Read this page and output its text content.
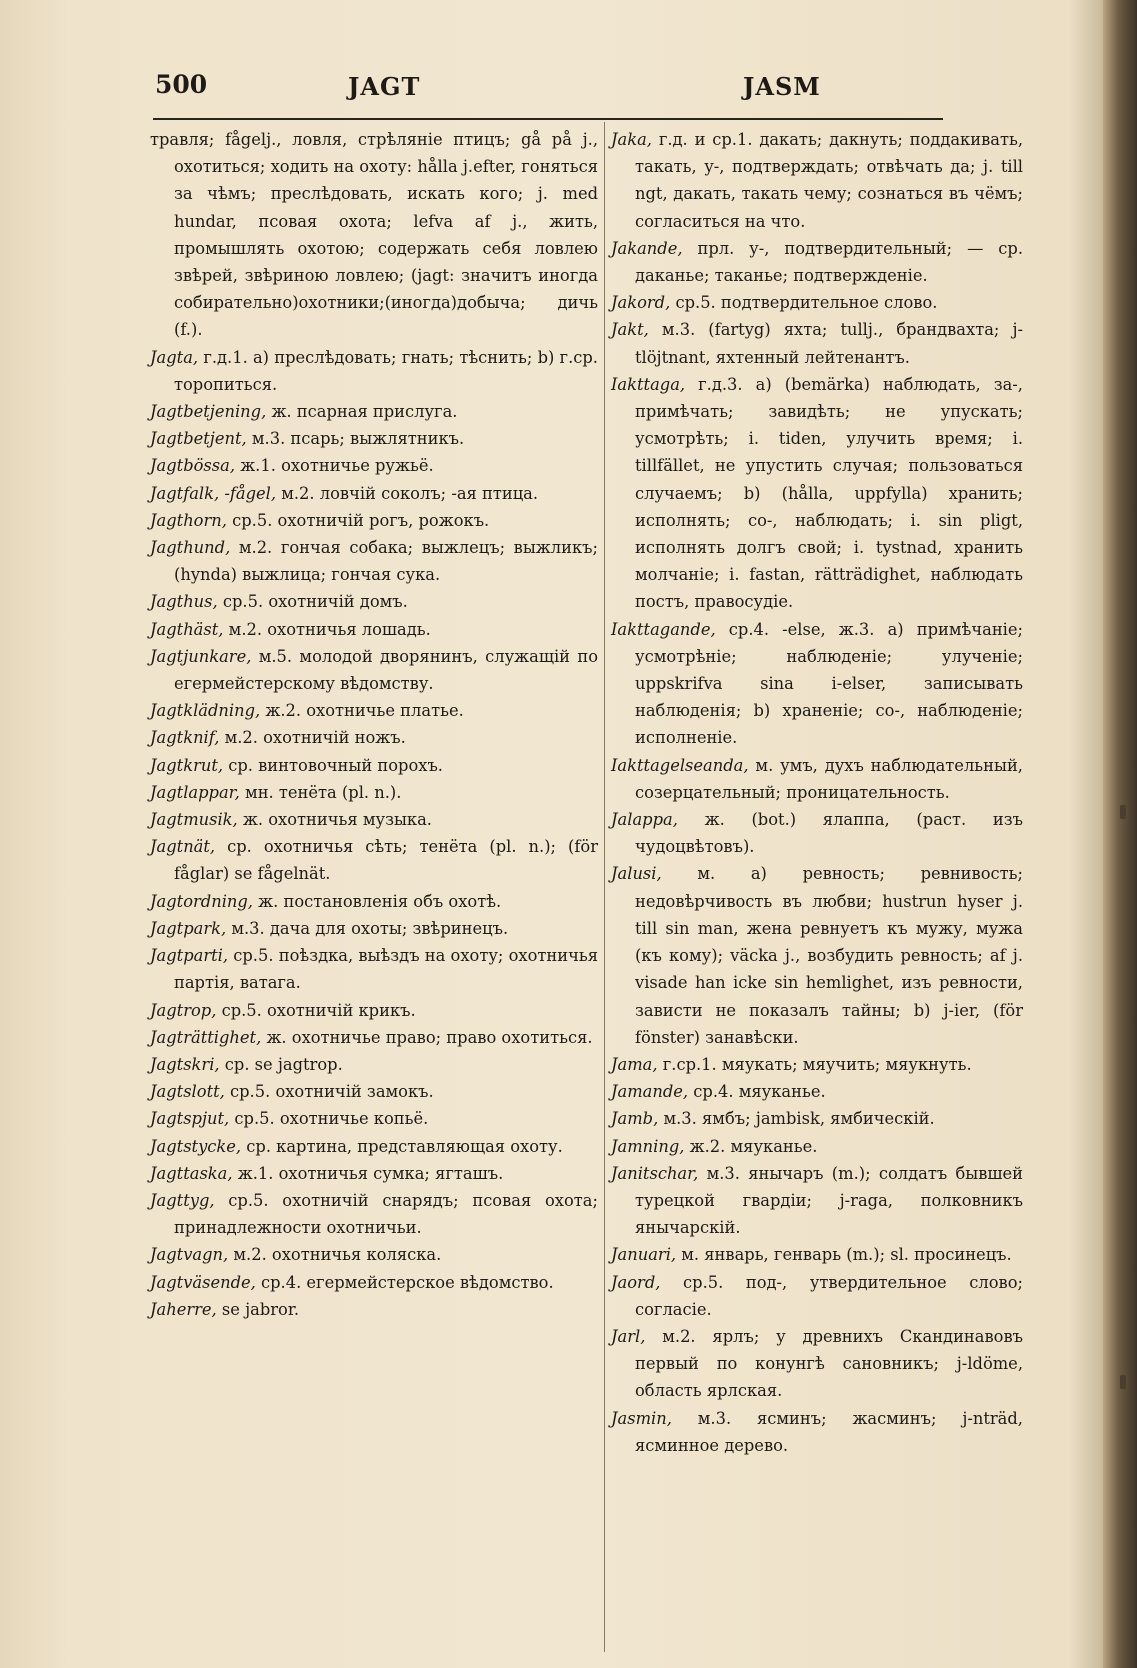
500	JAGT	JASM

травля; fågelj., ловля, стрѣляніе птицъ; gå på j., охотиться; ходить на охоту: hålla j.efter, гоняться за чѣмъ; преслѣдовать, искать кого; j. med hundar, псовая охота; lefva af j., жить, промышлять охотою; содержать себя ловлею звѣрей, звѣриною ловлею; (jagt: значитъ иногда собирательно)охотники;(иногда)добыча; дичь (f.).

Jagta, г.д.1. a) преслѣдовать; гнать; тѣснить; b) г.ср. торопиться.

Jagtbetjening, ж. псарная прислуга.

Jagtbetjent, м.3. псарь; выжлятникъ.

Jagtbössa, ж.1. охотничье ружьё.

Jagtfalk, -fågel, м.2. ловчій соколъ; -ая птица.

Jagthorn, ср.5. охотничій рогъ, рожокъ.

Jagthund, м.2. гончая собака; выжлецъ; выжликъ; (hynda) выжлица; гончая сука.

Jagthus, ср.5. охотничій домъ.

Jagthäst, м.2. охотничья лошадь.

Jagtjunkare, м.5. молодой дворянинъ, служащій по егермейстерскому вѣдомству.

Jagtklädning, ж.2. охотничье платье.

Jagtknif, м.2. охотничій ножъ.

Jagtkrut, ср. винтовочный порохъ.

Jagtlappar, мн. тенёта (pl. n.).

Jagtmusik, ж. охотничья музыка.

Jagtnät, ср. охотничья сѣть; тенёта (pl. n.); (för fåglar) se fågelnät.

Jagtordning, ж. постановленія объ охотѣ.

Jagtpark, м.3. дача для охоты; звѣринецъ.

Jagtparti, ср.5. поѣздка, выѣздъ на охоту; охотничья партія, ватага.

Jagtrop, ср.5. охотничій крикъ.

Jagträttighet, ж. охотничье право; право охотиться.

Jagtskri, ср. se jagtrop.

Jagtslott, ср.5. охотничій замокъ.

Jagtspjut, ср.5. охотничье копьё.

Jagtstycke, ср. картина, представляющая охоту.

Jagttaska, ж.1. охотничья сумка; ягташъ.

Jagttyg, ср.5. охотничій снарядъ; псовая охота; принадлежности охотничьи.

Jagtvagn, м.2. охотничья коляска.

Jagtväsende, ср.4. егермейстерское вѣдомство.

Jaherre, se jabror.

Jaka, г.д. и ср.1. дакать; дакнуть; поддакивать, такать, у-, подтверждать; отвѣчать да; j. till ngt, дакать, такать чему; сознаться въ чёмъ; согласиться на что.

Jakande, прл. у-, подтвердительный; — ср. даканье; таканье; подтвержденіе.

Jakord, ср.5. подтвердительное слово.

Jakt, м.3. (fartyg) яхта; tullj., брандвахта; j-tlöjtnant, яхтенный лейтенантъ.

Iakttaga, г.д.3. a) (bemärka) наблюдать, за-, примѣчать; завидѣть; не упускать; усмотрѣть; i. tiden, улучить время; i. tillfället, не упустить случая; пользоваться случаемъ; b) (hålla, uppfylla) хранить; исполнять; со-, наблюдать; i. sin pligt, исполнять долгъ свой; i. tystnad, хранить молчаніе; i. fastan, rätträdighet, наблюдать постъ, правосудіе.

Iakttagande, ср.4. -else, ж.3. a) примѣчаніе; усмотрѣніе; наблюденіе; улученіе; uppskrifva sina i-elser, записывать наблюденія; b) храненіе; со-, наблюденіе; исполненіе.

Iakttagelseanda, м. умъ, духъ наблюдательный, созерцательный; проницательность.

Jalappa, ж. (bot.) ялаппа, (раст. изъ чудоцвѣтовъ).

Jalusi, м. a) ревность; ревнивость; недовѣрчивость въ любви; hustrun hyser j. till sin man, жена ревнуетъ къ мужу, мужа (къ кому); väcka j., возбудить ревность; af j. visade han icke sin hemlighet, изъ ревности, зависти не показалъ тайны; b) j-ier, (för fönster) занавѣски.

Jama, г.ср.1. мяукать; мяучить; мяукнуть.

Jamande, ср.4. мяуканье.

Jamb, м.3. ямбъ; jambisk, ямбическій.

Jamning, ж.2. мяуканье.

Janitschar, м.3. янычаръ (m.); солдатъ бывшей турецкой гвардіи; j-raga, полковникъ янычарскій.

Januari, м. январь, генварь (m.); sl. просинецъ.

Jaord, ср.5. под-, утвердительное слово; согласіе.

Jarl, м.2. ярлъ; у древнихъ Скандинавовъ первый по конунгѣ сановникъ; j-ldöme, область ярлская.

Jasmin, м.3. ясминъ; жасминъ; j-nträd, ясминное дерево.
